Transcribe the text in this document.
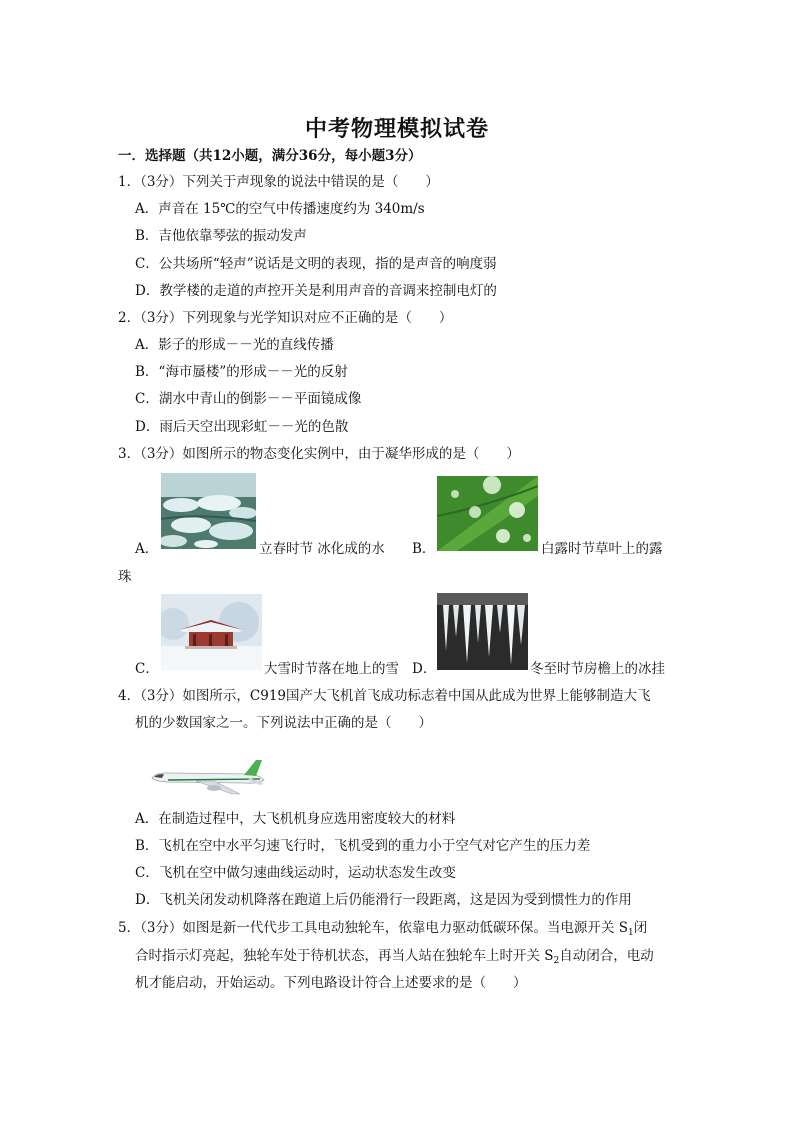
中考物理模拟试卷
一．选择题（共12小题，满分36分，每小题3分）
1．（3分）下列关于声现象的说法中错误的是（　　）
A．声音在 15℃的空气中传播速度约为 340m/s
B．吉他依靠琴弦的振动发声
C．公共场所“轻声”说话是文明的表现，指的是声音的响度弱
D．教学楼的走道的声控开关是利用声音的音调来控制电灯的
2．（3分）下列现象与光学知识对应不正确的是（　　）
A．影子的形成－－光的直线传播
B．“海市蜃楼”的形成－－光的反射
C．湖水中青山的倒影－－平面镜成像
D．雨后天空出现彩虹－－光的色散
3．（3分）如图所示的物态变化实例中，由于凝华形成的是（　　）
A．	立春时节 冰化成的水 B．	白露时节草叶上的露
珠
C．	大雪时节落在地上的雪 D．	冬至时节房檐上的冰挂
4．（3分）如图所示，C919国产大飞机首飞成功标志着中国从此成为世界上能够制造大飞
机的少数国家之一。下列说法中正确的是（　　）
A．在制造过程中，大飞机机身应选用密度较大的材料
B．飞机在空中水平匀速飞行时，飞机受到的重力小于空气对它产生的压力差
C．飞机在空中做匀速曲线运动时，运动状态发生改变
D．飞机关闭发动机降落在跑道上后仍能滑行一段距离，这是因为受到惯性力的作用
5．（3分）如图是新一代代步工具电动独轮车，依靠电力驱动低碳环保。当电源开关 $S_1$闭
合时指示灯亮起，独轮车处于待机状态，再当人站在独轮车上时开关 $S_2$自动闭合，电动
机才能启动，开始运动。下列电路设计符合上述要求的是（　　）
